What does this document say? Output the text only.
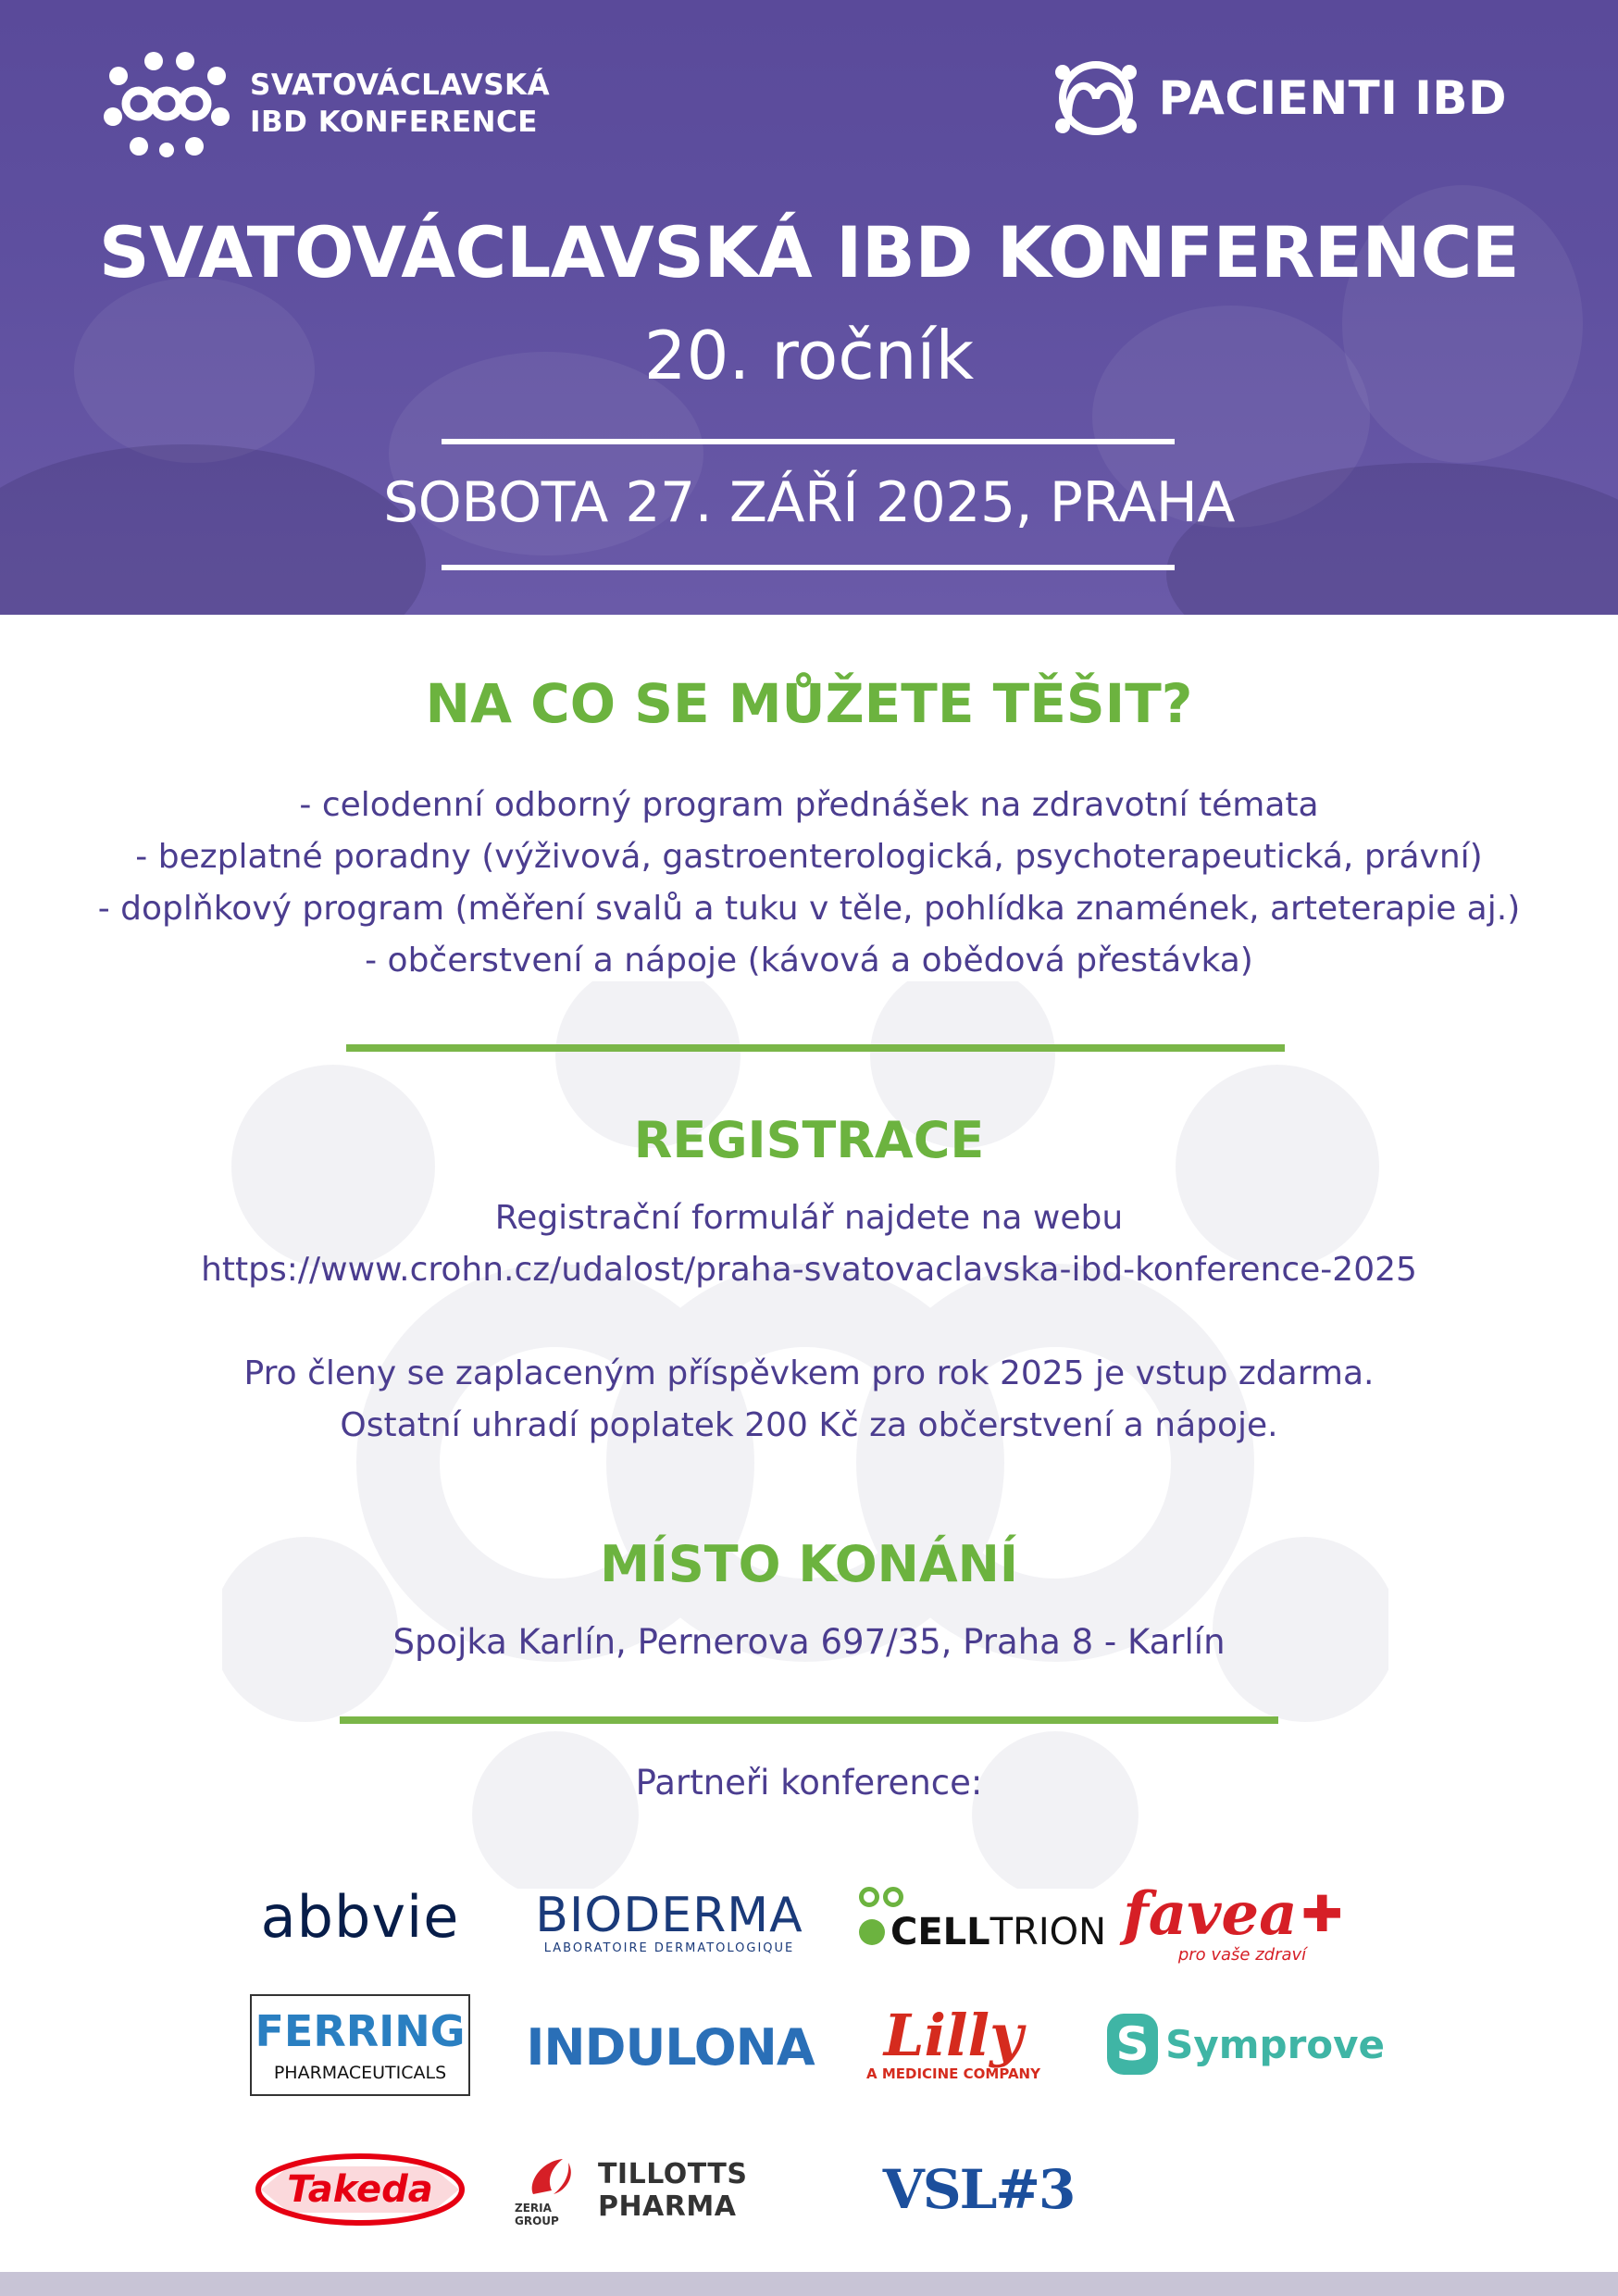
SVATOVÁCLAVSKÁ
IBD KONFERENCE	PACIENTI IBD
SVATOVÁCLAVSKÁ IBD KONFERENCE
20. ročník
SOBOTA 27. ZÁŘÍ 2025, PRAHA
NA CO SE MŮŽETE TĚŠIT?
- celodenní odborný program přednášek na zdravotní témata
- bezplatné poradny (výživová, gastroenterologická, psychoterapeutická, právní)
- doplňkový program (měření svalů a tuku v těle, pohlídka znamének, arteterapie aj.)
- občerstvení a nápoje (kávová a obědová přestávka)
REGISTRACE
Registrační formulář najdete na webu
https://www.crohn.cz/udalost/praha-svatovaclavska-ibd-konference-2025
Pro členy se zaplaceným příspěvkem pro rok 2025 je vstup zdarma.
Ostatní uhradí poplatek 200 Kč za občerstvení a nápoje.
MÍSTO KONÁNÍ
Spojka Karlín, Pernerova 697/35, Praha 8 - Karlín
Partneři konference:
abbvie BIODERMA
LABORATOIRE DERMATOLOGIQUE	CELL TRION favea ✚
pro vaše zdraví
FERRING
PHARMACEUTICALS INDULONA Lilly
A MEDICINE COMPANY
S Symprove
Takeda	ZERIA GROUP
TILLOTTS PHARMA	VSL#3
